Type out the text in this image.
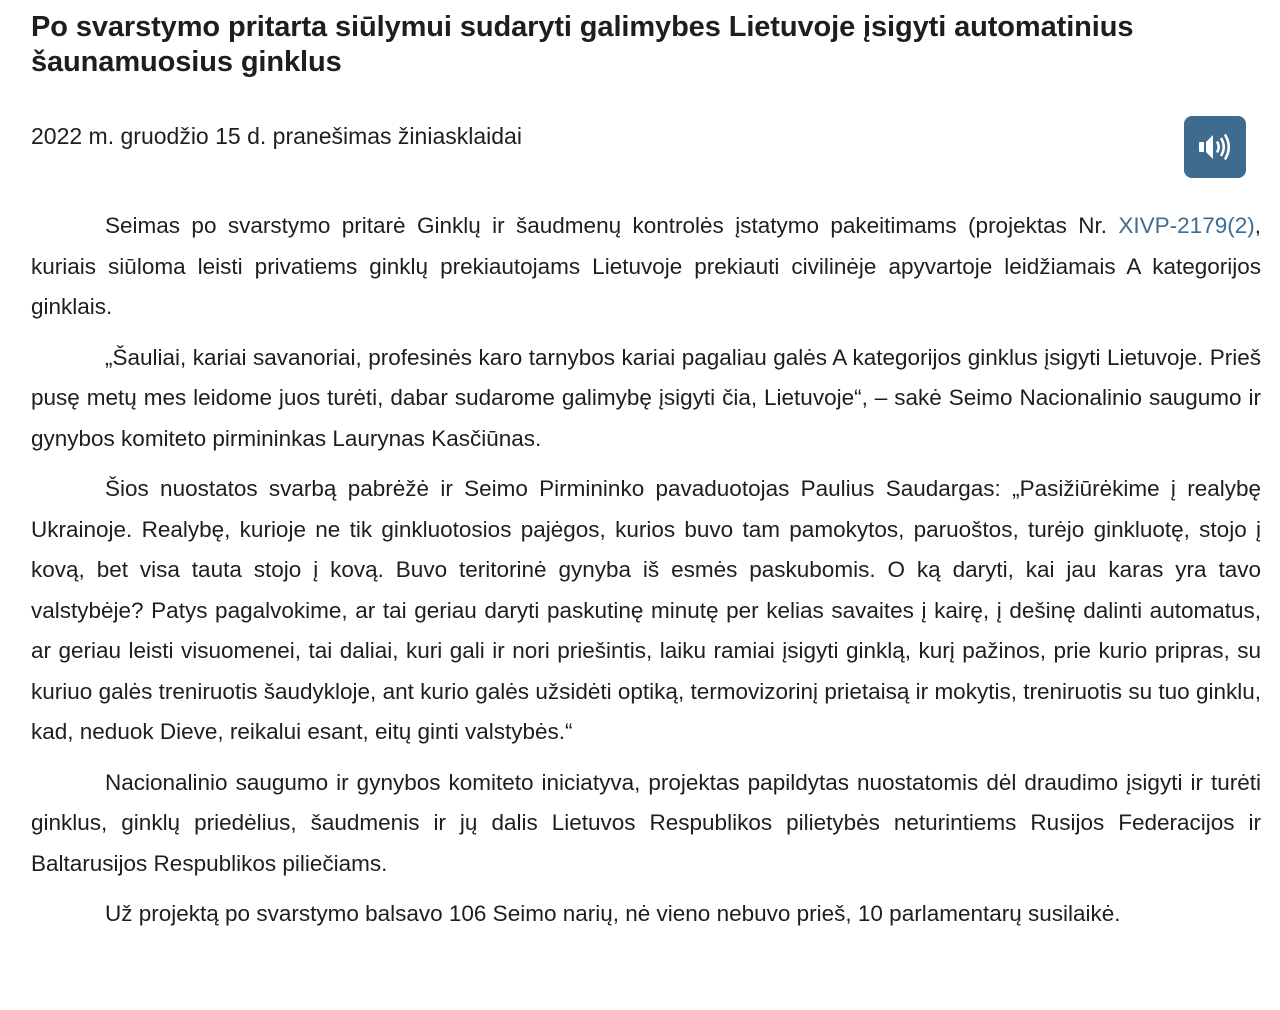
Po svarstymo pritarta siūlymui sudaryti galimybes Lietuvoje įsigyti automatinius šaunamuosius ginklus
2022 m. gruodžio 15 d. pranešimas žiniasklaidai

Seimas po svarstymo pritarė Ginklų ir šaudmenų kontrolės įstatymo pakeitimams (projektas Nr. XIVP-2179(2), kuriais siūloma leisti privatiems ginklų prekiautojams Lietuvoje prekiauti civilinėje apyvartoje leidžiamais A kategorijos ginklais.

„Šauliai, kariai savanoriai, profesinės karo tarnybos kariai pagaliau galės A kategorijos ginklus įsigyti Lietuvoje. Prieš pusę metų mes leidome juos turėti, dabar sudarome galimybę įsigyti čia, Lietuvoje“, – sakė Seimo Nacionalinio saugumo ir gynybos komiteto pirmininkas Laurynas Kasčiūnas.

Šios nuostatos svarbą pabrėžė ir Seimo Pirmininko pavaduotojas Paulius Saudargas: „Pasižiūrėkime į realybę Ukrainoje. Realybę, kurioje ne tik ginkluotosios pajėgos, kurios buvo tam pamokytos, paruoštos, turėjo ginkluotę, stojo į kovą, bet visa tauta stojo į kovą. Buvo teritorinė gynyba iš esmės paskubomis. O ką daryti, kai jau karas yra tavo valstybėje? Patys pagalvokime, ar tai geriau daryti paskutinę minutę per kelias savaites į kairę, į dešinę dalinti automatus, ar geriau leisti visuomenei, tai daliai, kuri gali ir nori priešintis, laiku ramiai įsigyti ginklą, kurį pažinos, prie kurio pripras, su kuriuo galės treniruotis šaudykloje, ant kurio galės užsidėti optiką, termovizorinį prietaisą ir mokytis, treniruotis su tuo ginklu, kad, neduok Dieve, reikalui esant, eitų ginti valstybės.“

Nacionalinio saugumo ir gynybos komiteto iniciatyva, projektas papildytas nuostatomis dėl draudimo įsigyti ir turėti ginklus, ginklų priedėlius, šaudmenis ir jų dalis Lietuvos Respublikos pilietybės neturintiems Rusijos Federacijos ir Baltarusijos Respublikos piliečiams.

Už projektą po svarstymo balsavo 106 Seimo narių, nė vieno nebuvo prieš, 10 parlamentarų susilaikė.
